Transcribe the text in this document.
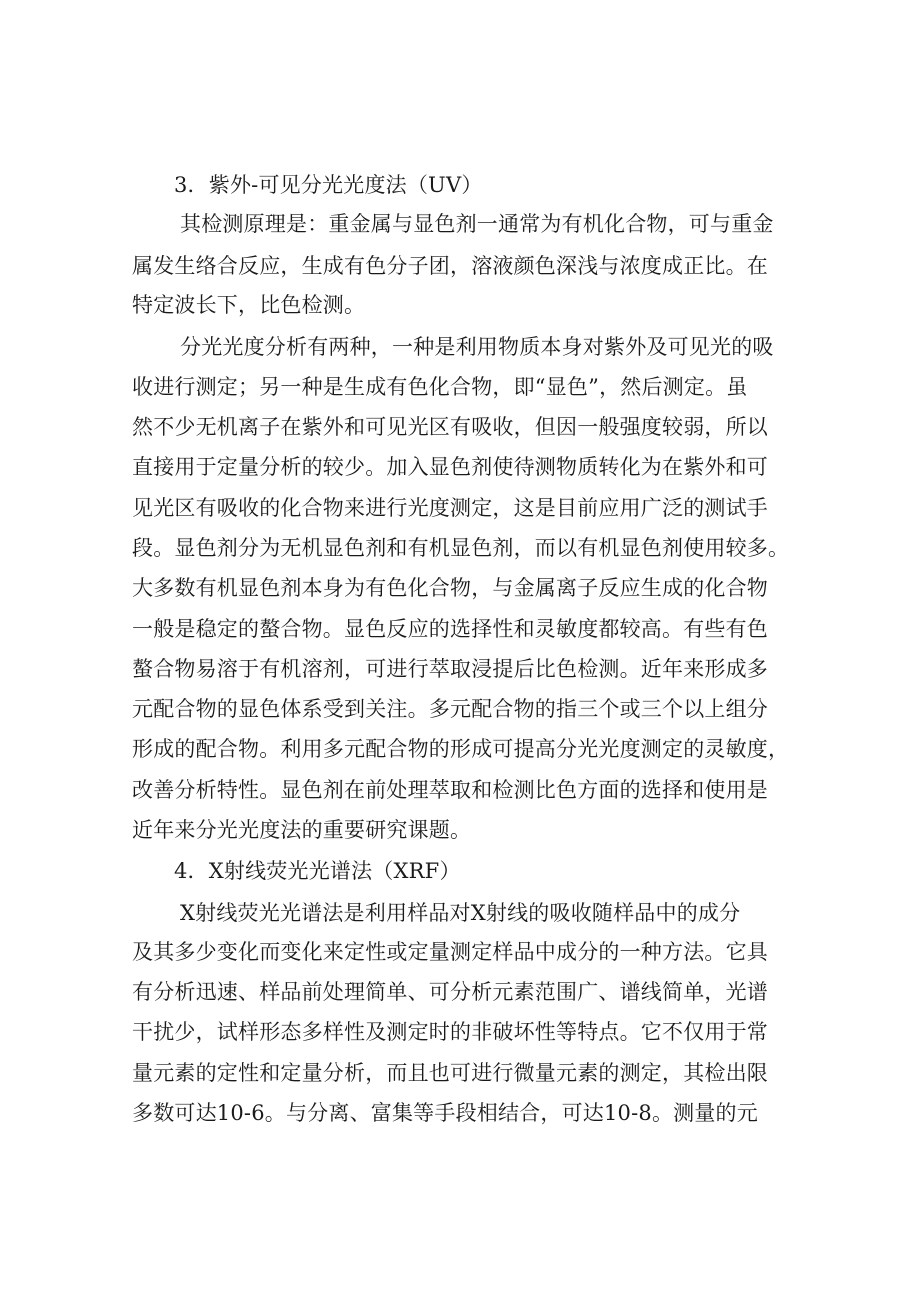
3．紫外-可见分光光度法（UV）
其检测原理是：重金属与显色剂一通常为有机化合物，可与重金
属发生络合反应，生成有色分子团，溶液颜色深浅与浓度成正比。在
特定波长下，比色检测。
分光光度分析有两种，一种是利用物质本身对紫外及可见光的吸
收进行测定；另一种是生成有色化合物，即“显色”，然后测定。虽
然不少无机离子在紫外和可见光区有吸收，但因一般强度较弱，所以
直接用于定量分析的较少。加入显色剂使待测物质转化为在紫外和可
见光区有吸收的化合物来进行光度测定，这是目前应用广泛的测试手
段。显色剂分为无机显色剂和有机显色剂，而以有机显色剂使用较多。
大多数有机显色剂本身为有色化合物，与金属离子反应生成的化合物
一般是稳定的螯合物。显色反应的选择性和灵敏度都较高。有些有色
螯合物易溶于有机溶剂，可进行萃取浸提后比色检测。近年来形成多
元配合物的显色体系受到关注。多元配合物的指三个或三个以上组分
形成的配合物。利用多元配合物的形成可提高分光光度测定的灵敏度，
改善分析特性。显色剂在前处理萃取和检测比色方面的选择和使用是
近年来分光光度法的重要研究课题。
4．X射线荧光光谱法（XRF）
X射线荧光光谱法是利用样品对X射线的吸收随样品中的成分
及其多少变化而变化来定性或定量测定样品中成分的一种方法。它具
有分析迅速、样品前处理简单、可分析元素范围广、谱线简单，光谱
干扰少，试样形态多样性及测定时的非破坏性等特点。它不仅用于常
量元素的定性和定量分析，而且也可进行微量元素的测定，其检出限
多数可达10-6。与分离、富集等手段相结合，可达10-8。测量的元
